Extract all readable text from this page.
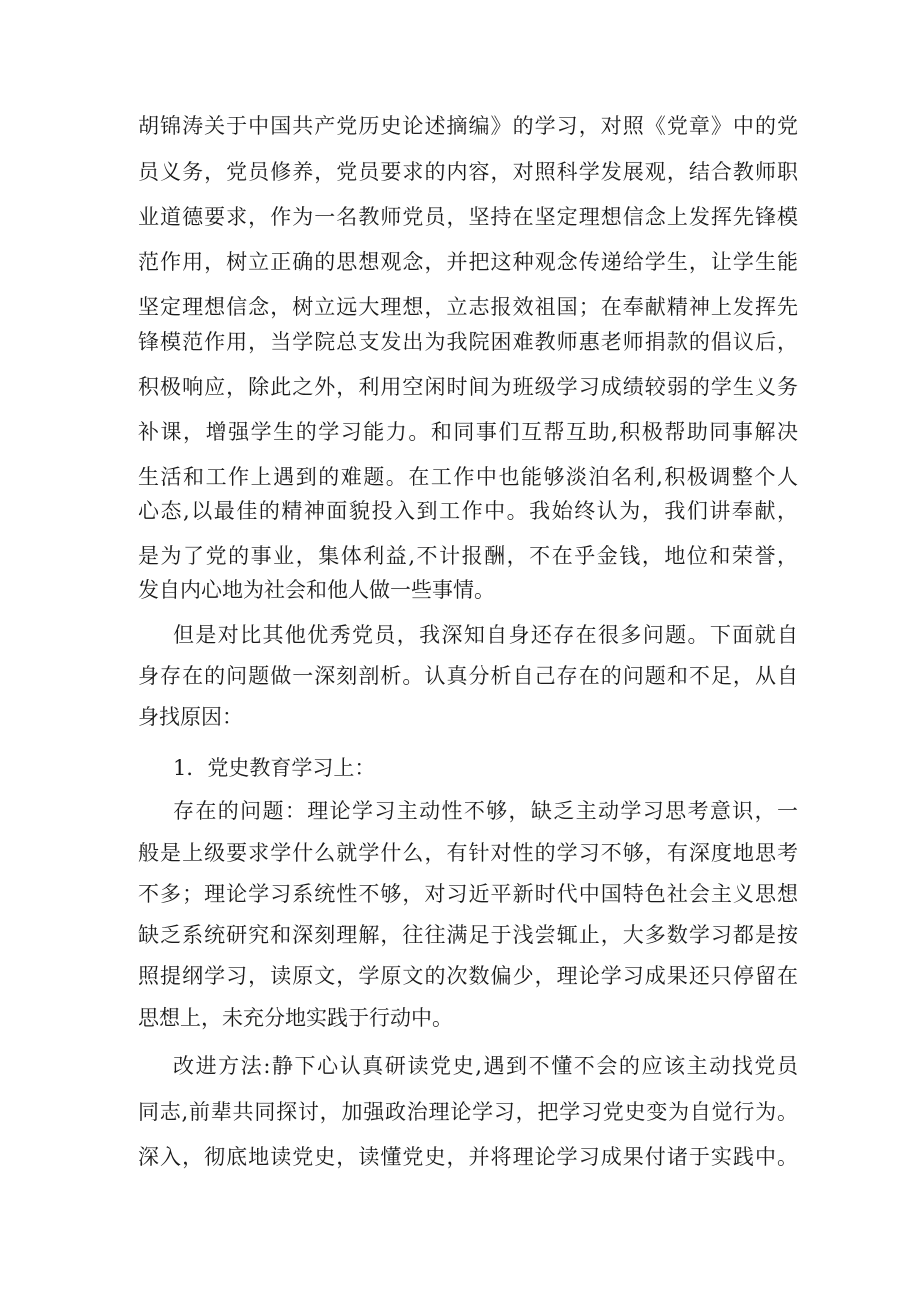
胡锦涛关于中国共产党历史论述摘编》的学习，对照《党章》中的党
员义务，党员修养，党员要求的内容，对照科学发展观，结合教师职
业道德要求，作为一名教师党员，坚持在坚定理想信念上发挥先锋模
范作用，树立正确的思想观念，并把这种观念传递给学生，让学生能
坚定理想信念，树立远大理想，立志报效祖国；在奉献精神上发挥先
锋模范作用，当学院总支发出为我院困难教师惠老师捐款的倡议后，
积极响应，除此之外，利用空闲时间为班级学习成绩较弱的学生义务
补课，增强学生的学习能力。和同事们互帮互助,积极帮助同事解决
生活和工作上遇到的难题。在工作中也能够淡泊名利,积极调整个人
心态,以最佳的精神面貌投入到工作中。我始终认为，我们讲奉献，
是为了党的事业，集体利益,不计报酬，不在乎金钱，地位和荣誉，
发自内心地为社会和他人做一些事情。
但是对比其他优秀党员，我深知自身还存在很多问题。下面就自
身存在的问题做一深刻剖析。认真分析自己存在的问题和不足，从自
身找原因：
1．党史教育学习上：
存在的问题：理论学习主动性不够，缺乏主动学习思考意识，一
般是上级要求学什么就学什么，有针对性的学习不够，有深度地思考
不多；理论学习系统性不够，对习近平新时代中国特色社会主义思想
缺乏系统研究和深刻理解，往往满足于浅尝辄止，大多数学习都是按
照提纲学习，读原文，学原文的次数偏少，理论学习成果还只停留在
思想上，未充分地实践于行动中。
改进方法:静下心认真研读党史,遇到不懂不会的应该主动找党员
同志,前辈共同探讨，加强政治理论学习，把学习党史变为自觉行为。
深入，彻底地读党史，读懂党史，并将理论学习成果付诸于实践中。
